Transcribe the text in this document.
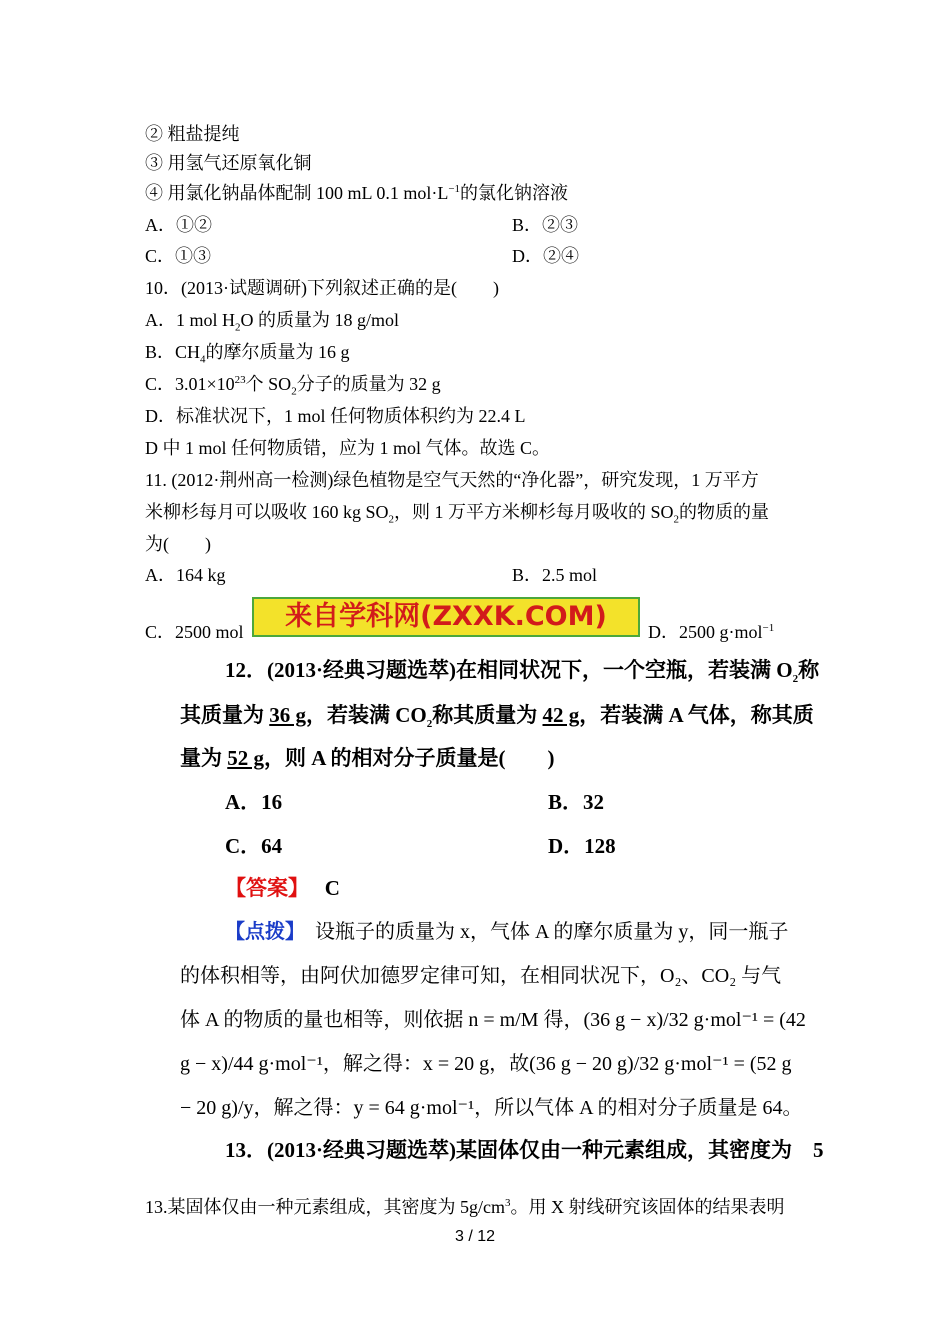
② 粗盐提纯
③ 用氢气还原氧化铜
④ 用氯化钠晶体配制 100 mL 0.1 $mol\cdot L^{-1}$的氯化钠溶液
A．①②	B．②③
C．①③	D．②④
10．(2013·试题调研)下列叙述正确的是(　　)
A．1 mol $H_2O$ 的质量为 18 g/mol
B．$CH_4$的摩尔质量为 16 g
C．$3.01\times 10^{23}$个 $SO_2$分子的质量为 32 g
D．标准状况下，1 mol 任何物质体积约为 22.4 L
D 中 1 mol 任何物质错，应为 1 mol 气体。故选 C。
11. (2012·荆州高一检测)绿色植物是空气天然的“净化器”，研究发现，1 万平方
米柳杉每月可以吸收 160 kg $SO_2$，则 1 万平方米柳杉每月吸收的 $SO_2$的物质的量
为(　　)
A．164 kg	B．2.5 mol
C．2500 mol	来自学科网(ZXXK.COM)	D．2500 g·mol$^{-1}$
12．(2013·经典习题选萃)在相同状况下，一个空瓶，若装满 $O_2$称
其质量为 36 g，若装满 $CO_2$称其质量为 42 g，若装满 A 气体，称其质
量为 52 g，则 A 的相对分子质量是(　　)
A．16	B．32
C．64	D．128
【答案】 C
【点拨】 设瓶子的质量为 x，气体 A 的摩尔质量为 y，同一瓶子
的体积相等，由阿伏加德罗定律可知，在相同状况下，O₂、CO₂ 与气
体 A 的物质的量也相等，则依据 n = m/M 得，(36 g − x)/32 g·mol⁻¹ = (42
g − x)/44 g·mol⁻¹，解之得：x = 20 g，故(36 g − 20 g)/32 g·mol⁻¹ = (52 g
− 20 g)/y，解之得：y = 64 g·mol⁻¹，所以气体 A 的相对分子质量是 64。
13．(2013·经典习题选萃)某固体仅由一种元素组成，其密度为　5
13.某固体仅由一种元素组成，其密度为 $5g/cm^3$。用 X 射线研究该固体的结果表明
3 / 12
